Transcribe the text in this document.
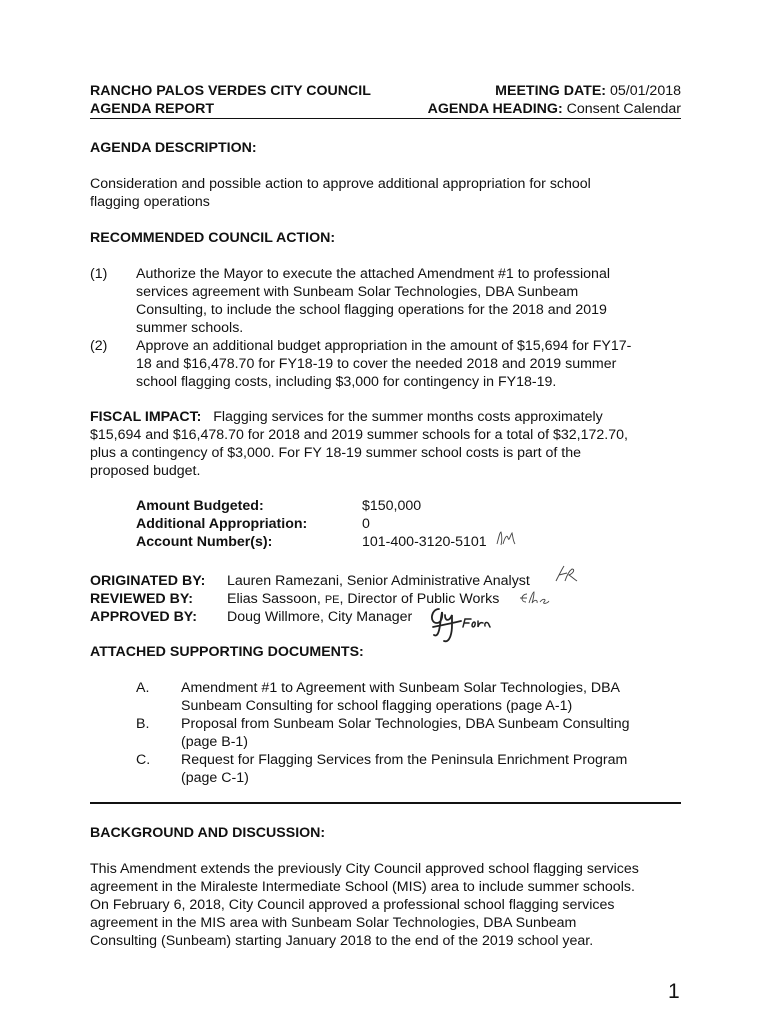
RANCHO PALOS VERDES CITY COUNCIL
AGENDA REPORT
MEETING DATE: 05/01/2018
AGENDA HEADING: Consent Calendar
AGENDA DESCRIPTION:
Consideration and possible action to approve additional appropriation for school
flagging operations
RECOMMENDED COUNCIL ACTION:
(1) Authorize the Mayor to execute the attached Amendment #1 to professional
services agreement with Sunbeam Solar Technologies, DBA Sunbeam
Consulting, to include the school flagging operations for the 2018 and 2019
summer schools.
(2) Approve an additional budget appropriation in the amount of $15,694 for FY17-
18 and $16,478.70 for FY18-19 to cover the needed 2018 and 2019 summer
school flagging costs, including $3,000 for contingency in FY18-19.
FISCAL IMPACT: Flagging services for the summer months costs approximately
$15,694 and $16,478.70 for 2018 and 2019 summer schools for a total of $32,172.70,
plus a contingency of $3,000. For FY 18-19 summer school costs is part of the
proposed budget.
Amount Budgeted:	$150,000
Additional Appropriation:	0
Account Number(s):	101-400-3120-5101
ORIGINATED BY: Lauren Ramezani, Senior Administrative Analyst
REVIEWED BY: Elias Sassoon, PE, Director of Public Works
APPROVED BY: Doug Willmore, City Manager
ATTACHED SUPPORTING DOCUMENTS:
A. Amendment #1 to Agreement with Sunbeam Solar Technologies, DBA
Sunbeam Consulting for school flagging operations (page A-1)
B. Proposal from Sunbeam Solar Technologies, DBA Sunbeam Consulting
(page B-1)
C. Request for Flagging Services from the Peninsula Enrichment Program
(page C-1)
BACKGROUND AND DISCUSSION:
This Amendment extends the previously City Council approved school flagging services
agreement in the Miraleste Intermediate School (MIS) area to include summer schools.
On February 6, 2018, City Council approved a professional school flagging services
agreement in the MIS area with Sunbeam Solar Technologies, DBA Sunbeam
Consulting (Sunbeam) starting January 2018 to the end of the 2019 school year.
1
